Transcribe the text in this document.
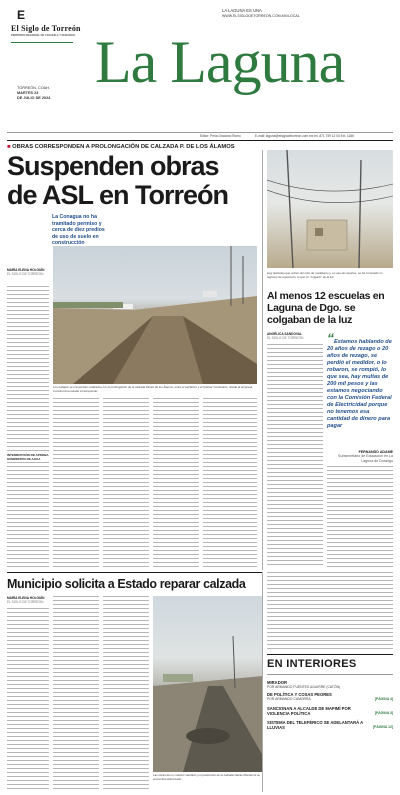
E
El Siglo de Torreón
PERIÓDICO REGIONAL DE COAHUILA Y DURANGO
TORREÓN, COAH.
MARTES 23
DE JULIO DE 2024
LA LAGUNA ES UNA
WWW.ELSIGLODETORREON.COM.MX/LOCAL
La Laguna
Editor: Perla Graciano Romo	E-mail: laguna@elsiglodetorreon.com.mx tel. 871 759 12 00 Ext. 1186
■ OBRAS CORRESPONDEN A PROLONGACIÓN DE CALZADA P. DE LOS ÁLAMOS
Suspenden obras
de ASL en Torreón
La Conagua no ha tramitado permiso y cerca de diez predios de uso de suelo en construcción
MARÍA ELENA HOLGUÍN
EL SIGLO DE TORREÓN
INTERRUPCIÓN DE APROBA SUMINISTRO DE AGUA
Los trabajos se encuentran realizados por la prolongación de la calzada Paseo de los Álamos, entre el periférico y el bulevar Centenario, donde la empresa Constructora estaba construyendo.
Hay planteles que sufren del robo de medidores y, en ese de reportes, se ha comprado un régimen de reposición, lo que un "colgarlo" de la luz.
Al menos 12 escuelas en Laguna de Dgo. se colgaban de la luz
ANGÉLICA SANDOVAL
EL SIGLO DE TORREÓN	“Estamos hablando de 20 años de rezago o 20 años de rezago, se perdió el medidor, o lo robaron, se rompió, lo que sea, hay multas de 200 mil pesos y las estamos negociando con la Comisión Federal de Electricidad porque no tenemos esa cantidad de dinero para pagar
FERNANDO ADAME
Subsecretario de Educación en La Laguna de Durango
Municipio solicita a Estado reparar calzada
MARÍA ELENA HOLGUÍN
EL SIGLO DE TORREÓN
Las obras de un colector sanitario y el pavimento de la calzada Nazas Montemol se encuentra deteriorado.
EN INTERIORES
MIRADOR
POR ARMANDO FUENTES AGUIRRE (CATÓN)
DE POLÍTICA Y COSAS PEORES
POR ARMANDO CAMORRA	[PÁGINA 4]
SANCIONAN A ALCALDE DE MAPIMÍ POR VIOLENCIA POLÍTICA	[PÁGINA 3]
SISTEMA DEL TELEFÉRICO SE ADELANTARÁ A LLUVIAS	[PÁGINA 12]
